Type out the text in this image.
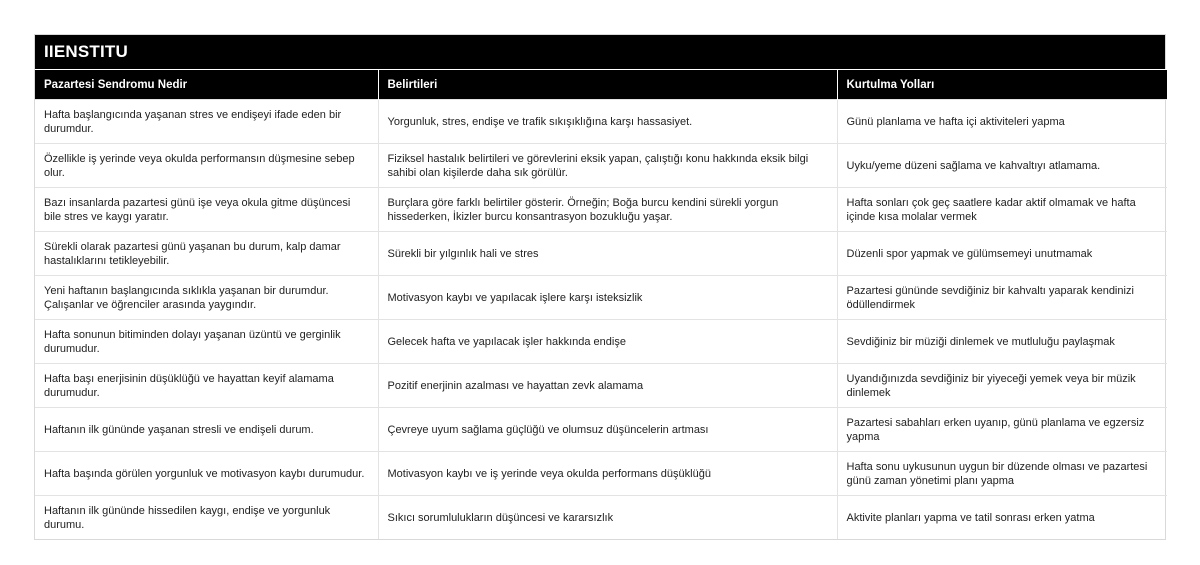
IIENSTITU
Pazartesi Sendromu Nedir	Belirtileri	Kurtulma Yolları
Hafta başlangıcında yaşanan stres ve endişeyi ifade eden bir durumdur.	Yorgunluk, stres, endişe ve trafik sıkışıklığına karşı hassasiyet.	Günü planlama ve hafta içi aktiviteleri yapma
Özellikle iş yerinde veya okulda performansın düşmesine sebep olur.	Fiziksel hastalık belirtileri ve görevlerini eksik yapan, çalıştığı konu hakkında eksik bilgi sahibi olan kişilerde daha sık görülür.	Uyku/yeme düzeni sağlama ve kahvaltıyı atlamama.
Bazı insanlarda pazartesi günü işe veya okula gitme düşüncesi bile stres ve kaygı yaratır.	Burçlara göre farklı belirtiler gösterir. Örneğin; Boğa burcu kendini sürekli yorgun hissederken, İkizler burcu konsantrasyon bozukluğu yaşar.	Hafta sonları çok geç saatlere kadar aktif olmamak ve hafta içinde kısa molalar vermek
Sürekli olarak pazartesi günü yaşanan bu durum, kalp damar hastalıklarını tetikleyebilir.	Sürekli bir yılgınlık hali ve stres	Düzenli spor yapmak ve gülümsemeyi unutmamak
Yeni haftanın başlangıcında sıklıkla yaşanan bir durumdur. Çalışanlar ve öğrenciler arasında yaygındır.	Motivasyon kaybı ve yapılacak işlere karşı isteksizlik	Pazartesi gününde sevdiğiniz bir kahvaltı yaparak kendinizi ödüllendirmek
Hafta sonunun bitiminden dolayı yaşanan üzüntü ve gerginlik durumudur.	Gelecek hafta ve yapılacak işler hakkında endişe	Sevdiğiniz bir müziği dinlemek ve mutluluğu paylaşmak
Hafta başı enerjisinin düşüklüğü ve hayattan keyif alamama durumudur.	Pozitif enerjinin azalması ve hayattan zevk alamama	Uyandığınızda sevdiğiniz bir yiyeceği yemek veya bir müzik dinlemek
Haftanın ilk gününde yaşanan stresli ve endişeli durum.	Çevreye uyum sağlama güçlüğü ve olumsuz düşüncelerin artması	Pazartesi sabahları erken uyanıp, günü planlama ve egzersiz yapma
Hafta başında görülen yorgunluk ve motivasyon kaybı durumudur.	Motivasyon kaybı ve iş yerinde veya okulda performans düşüklüğü	Hafta sonu uykusunun uygun bir düzende olması ve pazartesi günü zaman yönetimi planı yapma
Haftanın ilk gününde hissedilen kaygı, endişe ve yorgunluk durumu.	Sıkıcı sorumlulukların düşüncesi ve kararsızlık	Aktivite planları yapma ve tatil sonrası erken yatma
